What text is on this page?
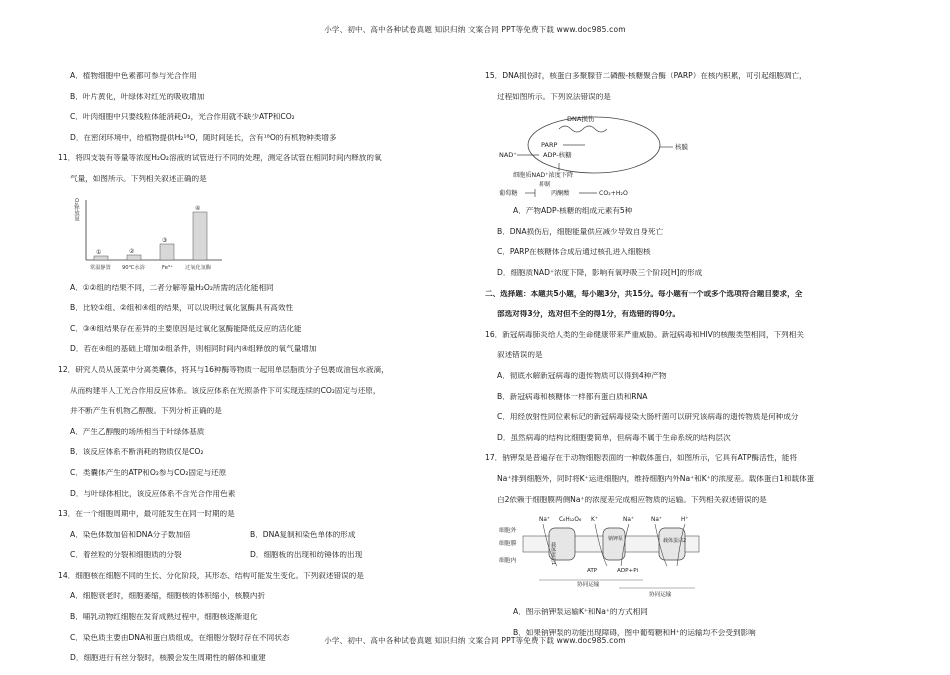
小学、初中、高中各种试卷真题 知识归纳 文案合同 PPT等免费下载 www.doc985.com
A．植物细胞中色素都可参与光合作用
B．叶片黄化，叶绿体对红光的吸收增加
C．叶肉细胞中只要线粒体能消耗O₂，光合作用就不缺少ATP和CO₂
D．在密闭环境中，给植物提供H₂¹⁸O，随时间延长，含有¹⁸O的有机物种类增多
11．将四支装有等量等浓度H₂O₂溶液的试管进行不同的处理，测定各试管在相同时间内释放的氧
气量，如图所示。下列相关叙述正确的是
O₂释放量
①	②
③
④
常温静置 90℃水浴	Fe³⁺ 过氧化氢酶
A．①②组的结果不同，二者分解等量H₂O₂所需的活化能相同
B．比较①组、②组和④组的结果，可以说明过氧化氢酶具有高效性
C．③④组结果存在差异的主要原因是过氧化氢酶能降低反应的活化能
D．若在④组的基础上增加②组条件，则相同时间内④组释放的氧气量增加
12．研究人员从菠菜中分离类囊体，将其与16种酶等物质一起用单层脂质分子包裹成油包水液滴，
从而构建半人工光合作用反应体系。该反应体系在光照条件下可实现连续的CO₂固定与还原，
并不断产生有机物乙醇酸。下列分析正确的是
A．产生乙醇酸的场所相当于叶绿体基质
B．该反应体系不断消耗的物质仅是CO₂
C．类囊体产生的ATP和O₂参与CO₂固定与还原
D．与叶绿体相比，该反应体系不含光合作用色素
13．在一个细胞周期中，最可能发生在同一时期的是
A．染色体数加倍和DNA分子数加倍	B．DNA复制和染色单体的形成
C．着丝粒的分裂和细胞质的分裂	D．细胞板的出现和纺锤体的出现
14．细胞核在细胞不同的生长、分化阶段，其形态、结构可能发生变化。下列叙述错误的是
A．细胞衰老时，细胞萎缩，细胞核的体积缩小，核膜内折
B．哺乳动物红细胞在发育成熟过程中，细胞核逐渐退化
C．染色质主要由DNA和蛋白质组成，在细胞分裂时存在不同状态
D．细胞进行有丝分裂时，核膜会发生周期性的解体和重建
15．DNA损伤时，核蛋白多聚腺苷二磷酸-核糖聚合酶（PARP）在核内积累，可引起细胞凋亡，
过程如图所示。下列说法错误的是
DNA损伤
PARP
NAD⁺	ADP-核糖
核膜
细胞质NAD⁺浓度下降
抑制
葡萄糖	丙酮酸	CO₂+H₂O
A．产物ADP-核糖的组成元素有5种
B．DNA损伤后，细胞能量供应减少导致自身死亡
C．PARP在核糖体合成后通过核孔进入细胞核
D．细胞质NAD⁺浓度下降，影响有氧呼吸三个阶段[H]的形成
二、选择题：本题共5小题，每小题3分，共15分。每小题有一个或多个选项符合题目要求，全
部选对得3分，选对但不全的得1分，有选错的得0分。
16．新冠病毒肺炎给人类的生命健康带来严重威胁。新冠病毒和HIV的核酸类型相同，下列相关
叙述错误的是
A．彻底水解新冠病毒的遗传物质可以得到4种产物
B．新冠病毒和核糖体一样都有蛋白质和RNA
C．用经放射性同位素标记的新冠病毒侵染大肠杆菌可以研究该病毒的遗传物质是何种成分
D．虽然病毒的结构比细胞要简单，但病毒不属于生命系统的结构层次
17．钠钾泵是普遍存在于动物细胞表面的一种载体蛋白，如图所示，它具有ATP酶活性，能将
Na⁺排到细胞外，同时将K⁺运进细胞内，维持细胞内外Na⁺和K⁺的浓度差。载体蛋白1和载体蛋
白2依赖于细胞膜两侧Na⁺的浓度差完成相应物质的运输。下列相关叙述错误的是
细胞外
细胞膜
细胞内	载体蛋白1
钠钾泵	载体蛋白2
Na⁺ C₆H₁₂O₆ K⁺	Na⁺	Na⁺	H⁺
ATP	ADP+Pi
协同运输
协同运输
A．图示钠钾泵运输K⁺和Na⁺的方式相同
B．如果钠钾泵的功能出现障碍，图中葡萄糖和H⁺的运输均不会受到影响
小学、初中、高中各种试卷真题 知识归纳 文案合同 PPT等免费下载 www.doc985.com
